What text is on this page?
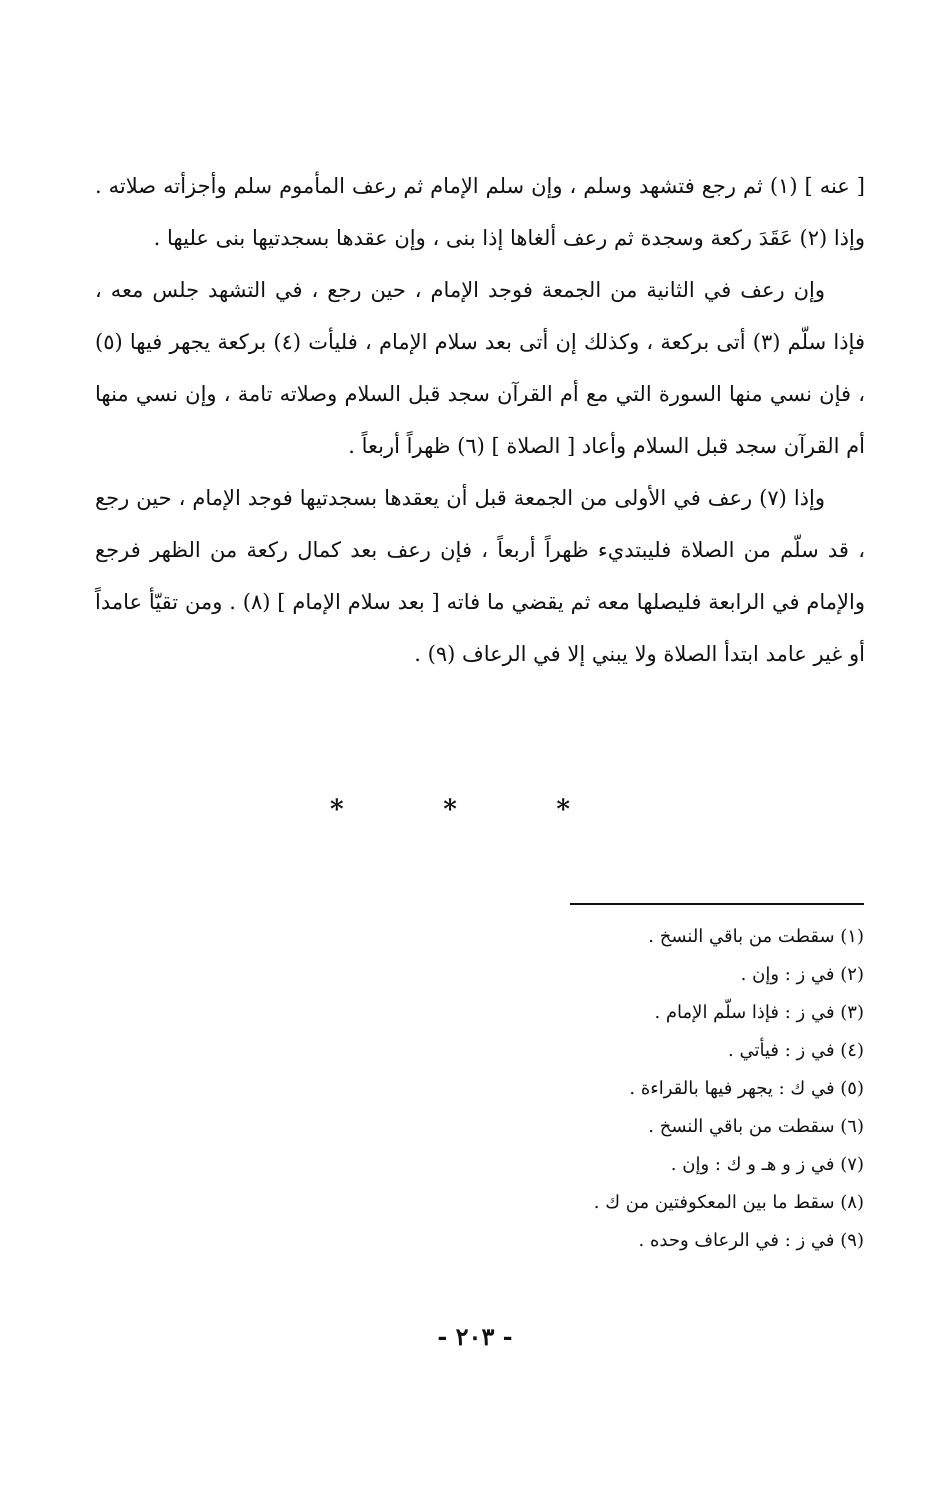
[ عنه ] (١) ثم رجع فتشهد وسلم ، وإن سلم الإمام ثم رعف المأموم سلم وأجزأته صلاته . وإذا (٢) عَقَدَ ركعة وسجدة ثم رعف ألغاها إذا بنى ، وإن عقدها بسجدتيها بنى عليها .

وإن رعف في الثانية من الجمعة فوجد الإمام ، حين رجع ، في التشهد جلس معه ، فإذا سلّم (٣) أتى بركعة ، وكذلك إن أتى بعد سلام الإمام ، فليأت (٤) بركعة يجهر فيها (٥) ، فإن نسي منها السورة التي مع أم القرآن سجد قبل السلام وصلاته تامة ، وإن نسي منها أم القرآن سجد قبل السلام وأعاد [ الصلاة ] (٦) ظهراً أربعاً .

وإذا (٧) رعف في الأولى من الجمعة قبل أن يعقدها بسجدتيها فوجد الإمام ، حين رجع ، قد سلّم من الصلاة فليبتديء ظهراً أربعاً ، فإن رعف بعد كمال ركعة من الظهر فرجع والإمام في الرابعة فليصلها معه ثم يقضي ما فاته [ بعد سلام الإمام ] (٨) . ومن تقيّأ عامداً أو غير عامد ابتدأ الصلاة ولا يبني إلا في الرعاف (٩) .

*	*	*
(١) سقطت من باقي النسخ .
(٢) في ز : وإن .
(٣) في ز : فإذا سلّم الإمام .
(٤) في ز : فيأتي .
(٥) في ك : يجهر فيها بالقراءة .
(٦) سقطت من باقي النسخ .
(٧) في ز و هـ و ك : وإن .
(٨) سقط ما بين المعكوفتين من ك .
(٩) في ز : في الرعاف وحده .
- ٢٠٣ -
